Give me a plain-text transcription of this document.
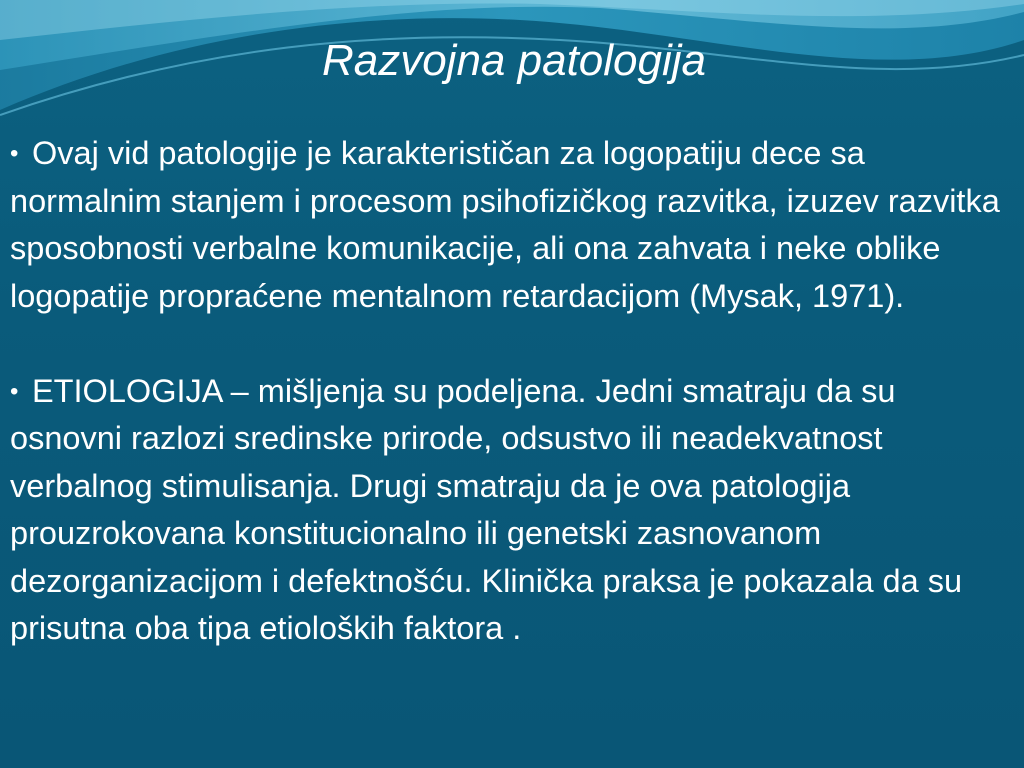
Razvojna patologija

• Ovaj vid patologije je karakterističan za logopatiju dece sa normalnim stanjem i procesom psihofizičkog razvitka, izuzev razvitka sposobnosti verbalne komunikacije, ali ona zahvata i neke oblike logopatije propraćene mentalnom retardacijom (Mysak, 1971).

• ETIOLOGIJA – mišljenja su podeljena. Jedni smatraju da su osnovni razlozi sredinske prirode, odsustvo ili neadekvatnost verbalnog stimulisanja. Drugi smatraju da je ova patologija prouzrokovana konstitucionalno ili genetski zasnovanom dezorganizacijom i defektnošću. Klinička praksa je pokazala da su prisutna oba tipa etioloških faktora .
